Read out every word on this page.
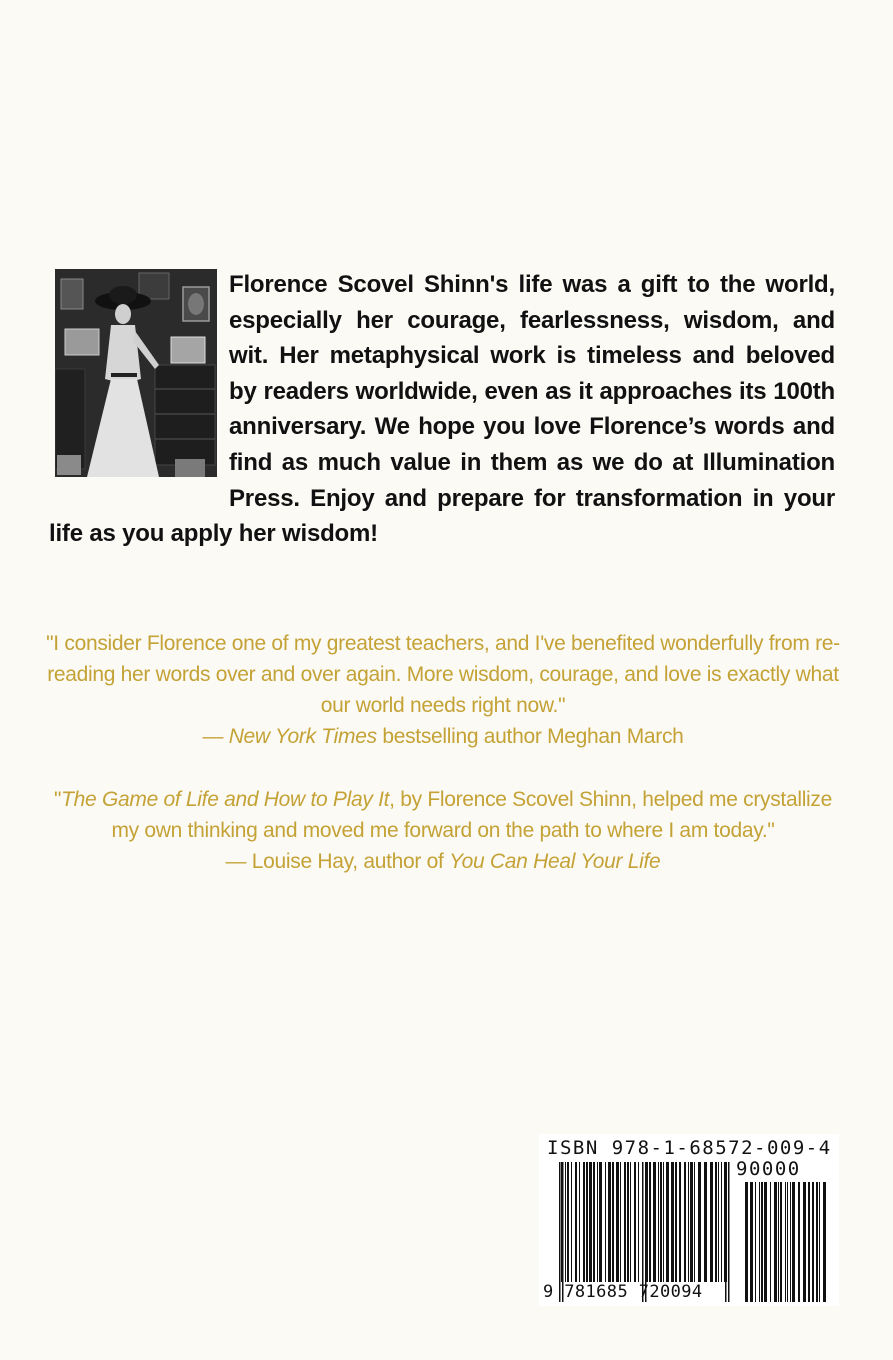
Florence Scovel Shinn's life was a gift to the world, especially her courage, fearlessness, wisdom, and wit. Her metaphysical work is timeless and beloved by readers worldwide, even as it approaches its 100th anniversary. We hope you love Florence’s words and find as much value in them as we do at Illumination Press. Enjoy and prepare for transformation in your life as you apply her wisdom!

"I consider Florence one of my greatest teachers, and I've benefited wonderfully from re-reading her words over and over again. More wisdom, courage, and love is exactly what our world needs right now."
— New York Times bestselling author Meghan March
"The Game of Life and How to Play It, by Florence Scovel Shinn, helped me crystallize my own thinking and moved me forward on the path to where I am today."
— Louise Hay, author of You Can Heal Your Life
ISBN 978-1-68572-009-4
90000
9 781685 720094
